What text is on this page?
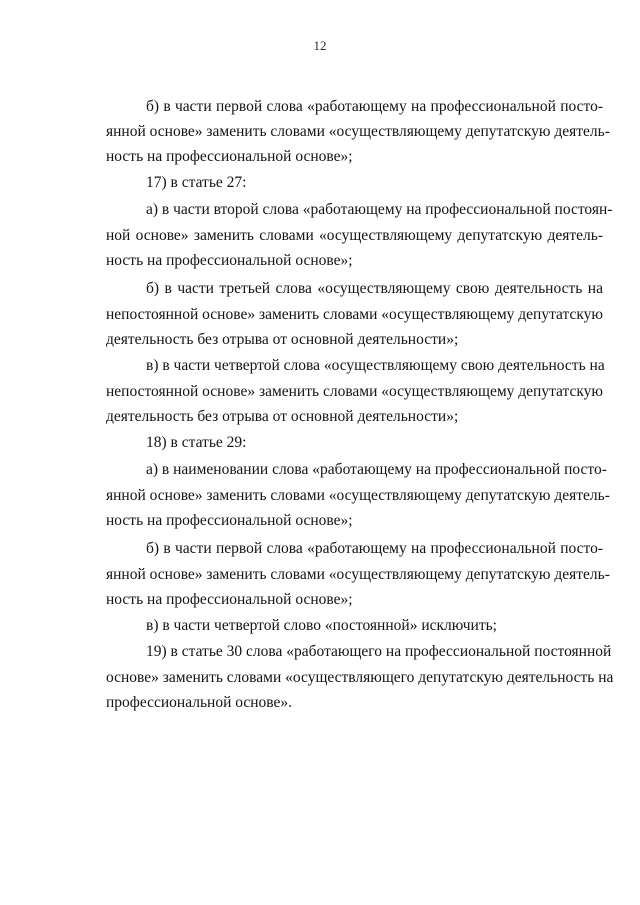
12
б) в части первой слова «работающему на профессиональной посто-
янной основе» заменить словами «осуществляющему депутатскую деятель-
ность на профессиональной основе»;
17) в статье 27:
а) в части второй слова «работающему на профессиональной постоян-
ной основе» заменить словами «осуществляющему депутатскую деятель-
ность на профессиональной основе»;
б) в части третьей слова «осуществляющему свою деятельность на
непостоянной основе» заменить словами «осуществляющему депутатскую
деятельность без отрыва от основной деятельности»;
в) в части четвертой слова «осуществляющему свою деятельность на
непостоянной основе» заменить словами «осуществляющему депутатскую
деятельность без отрыва от основной деятельности»;
18) в статье 29:
а) в наименовании слова «работающему на профессиональной посто-
янной основе» заменить словами «осуществляющему депутатскую деятель-
ность на профессиональной основе»;
б) в части первой слова «работающему на профессиональной посто-
янной основе» заменить словами «осуществляющему депутатскую деятель-
ность на профессиональной основе»;
в) в части четвертой слово «постоянной» исключить;
19) в статье 30 слова «работающего на профессиональной постоянной
основе» заменить словами «осуществляющего депутатскую деятельность на
профессиональной основе».
